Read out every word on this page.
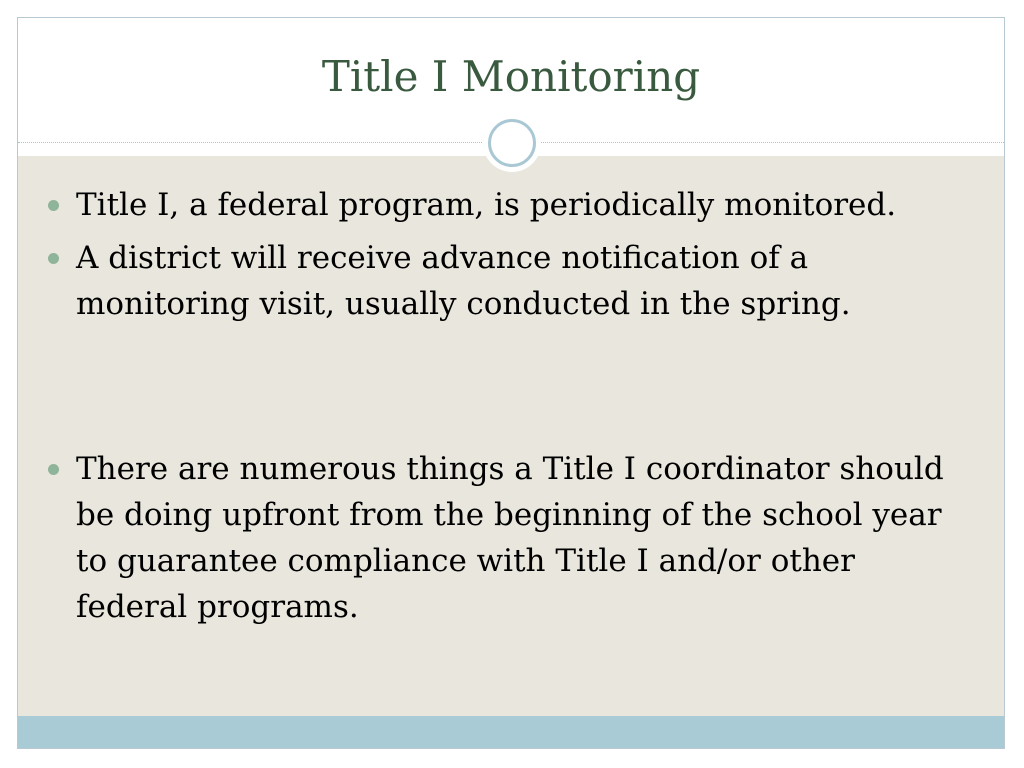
Title I Monitoring
Title I, a federal program, is periodically monitored.
A district will receive advance notification of a monitoring visit, usually conducted in the spring.
There are numerous things a Title I coordinator should be doing upfront from the beginning of the school year to guarantee compliance with Title I and/or other federal programs.
